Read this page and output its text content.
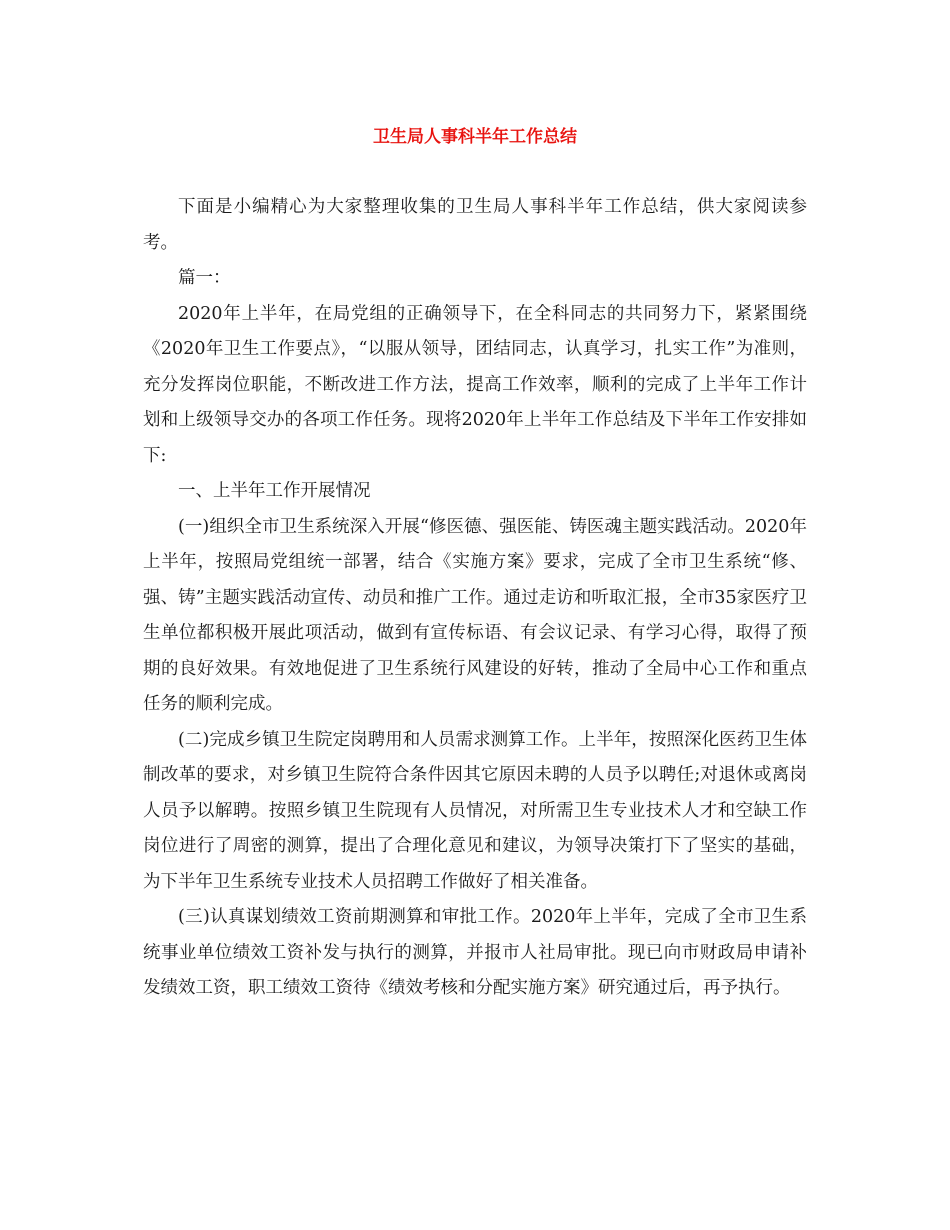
卫生局人事科半年工作总结

下面是小编精心为大家整理收集的卫生局人事科半年工作总结，供大家阅读参考。

篇一：

2020年上半年，在局党组的正确领导下，在全科同志的共同努力下，紧紧围绕《2020年卫生工作要点》，“以服从领导，团结同志，认真学习，扎实工作”为准则，充分发挥岗位职能，不断改进工作方法，提高工作效率，顺利的完成了上半年工作计划和上级领导交办的各项工作任务。现将2020年上半年工作总结及下半年工作安排如下:

一、上半年工作开展情况

(一)组织全市卫生系统深入开展“修医德、强医能、铸医魂主题实践活动。2020年上半年，按照局党组统一部署，结合《实施方案》要求，完成了全市卫生系统“修、强、铸”主题实践活动宣传、动员和推广工作。通过走访和听取汇报，全市35家医疗卫生单位都积极开展此项活动，做到有宣传标语、有会议记录、有学习心得，取得了预期的良好效果。有效地促进了卫生系统行风建设的好转，推动了全局中心工作和重点任务的顺利完成。

(二)完成乡镇卫生院定岗聘用和人员需求测算工作。上半年，按照深化医药卫生体制改革的要求，对乡镇卫生院符合条件因其它原因未聘的人员予以聘任;对退休或离岗人员予以解聘。按照乡镇卫生院现有人员情况，对所需卫生专业技术人才和空缺工作岗位进行了周密的测算，提出了合理化意见和建议，为领导决策打下了坚实的基础，为下半年卫生系统专业技术人员招聘工作做好了相关准备。

(三)认真谋划绩效工资前期测算和审批工作。2020年上半年，完成了全市卫生系统事业单位绩效工资补发与执行的测算，并报市人社局审批。现已向市财政局申请补发绩效工资，职工绩效工资待《绩效考核和分配实施方案》研究通过后，再予执行。
